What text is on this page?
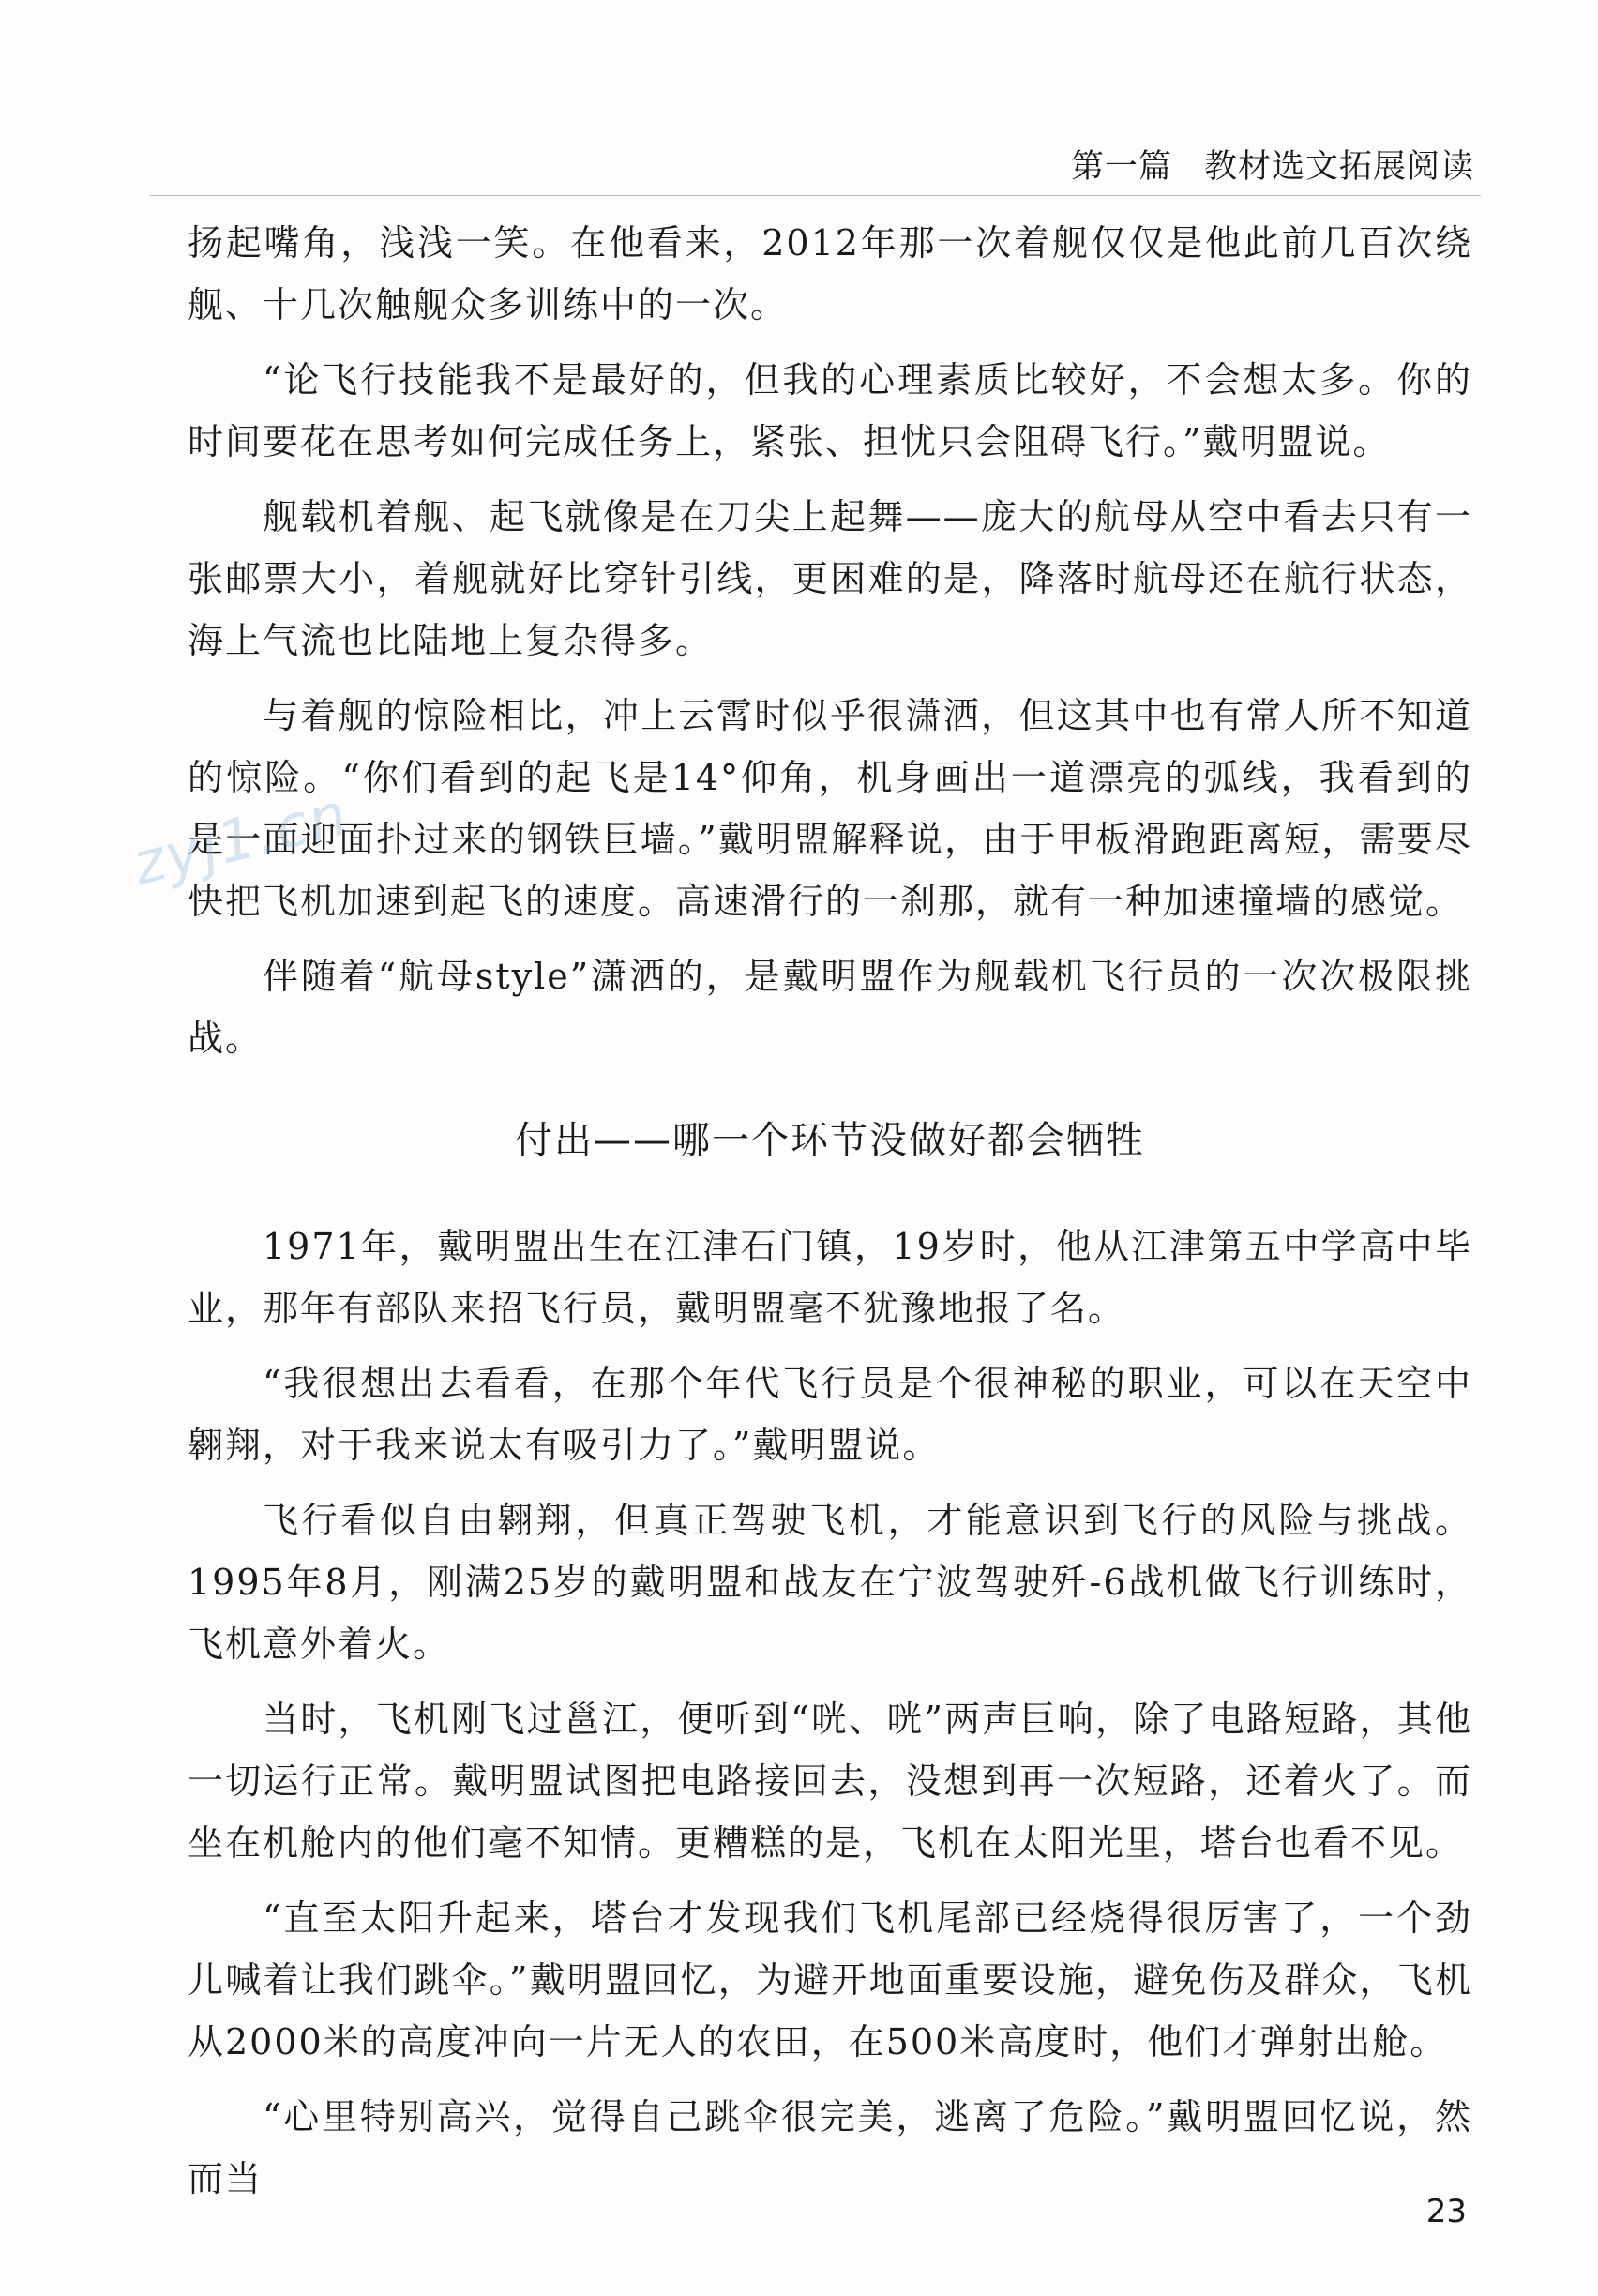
第一篇 教材选文拓展阅读

扬起嘴角，浅浅一笑。在他看来，2012年那一次着舰仅仅是他此前几百次绕舰、十几次触舰众多训练中的一次。

“论飞行技能我不是最好的，但我的心理素质比较好，不会想太多。你的时间要花在思考如何完成任务上，紧张、担忧只会阻碍飞行。”戴明盟说。

舰载机着舰、起飞就像是在刀尖上起舞——庞大的航母从空中看去只有一张邮票大小，着舰就好比穿针引线，更困难的是，降落时航母还在航行状态，海上气流也比陆地上复杂得多。

与着舰的惊险相比，冲上云霄时似乎很潇洒，但这其中也有常人所不知道的惊险。“你们看到的起飞是14°仰角，机身画出一道漂亮的弧线，我看到的是一面迎面扑过来的钢铁巨墙。”戴明盟解释说，由于甲板滑跑距离短，需要尽快把飞机加速到起飞的速度。高速滑行的一刹那，就有一种加速撞墙的感觉。

伴随着“航母style”潇洒的，是戴明盟作为舰载机飞行员的一次次极限挑战。

付出——哪一个环节没做好都会牺牲

1971年，戴明盟出生在江津石门镇，19岁时，他从江津第五中学高中毕业，那年有部队来招飞行员，戴明盟毫不犹豫地报了名。

“我很想出去看看，在那个年代飞行员是个很神秘的职业，可以在天空中翱翔，对于我来说太有吸引力了。”戴明盟说。

飞行看似自由翱翔，但真正驾驶飞机，才能意识到飞行的风险与挑战。1995年8月，刚满25岁的戴明盟和战友在宁波驾驶歼-6战机做飞行训练时，飞机意外着火。

当时，飞机刚飞过邕江，便听到“咣、咣”两声巨响，除了电路短路，其他一切运行正常。戴明盟试图把电路接回去，没想到再一次短路，还着火了。而坐在机舱内的他们毫不知情。更糟糕的是，飞机在太阳光里，塔台也看不见。

“直至太阳升起来，塔台才发现我们飞机尾部已经烧得很厉害了，一个劲儿喊着让我们跳伞。”戴明盟回忆，为避开地面重要设施，避免伤及群众，飞机从2000米的高度冲向一片无人的农田，在500米高度时，他们才弹射出舱。

“心里特别高兴，觉得自己跳伞很完美，逃离了危险。”戴明盟回忆说，然而当

zyj1.cn
23
